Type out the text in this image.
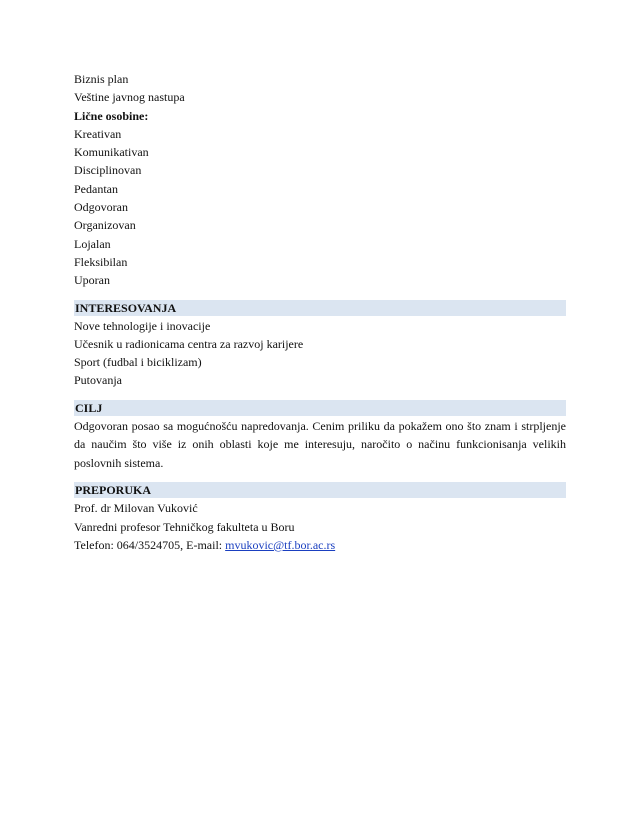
Biznis plan
Veštine javnog nastupa
Lične osobine:
Kreativan
Komunikativan
Disciplinovan
Pedantan
Odgovoran
Organizovan
Lojalan
Fleksibilan
Uporan
INTERESOVANJA
Nove tehnologije i inovacije
Učesnik u radionicama centra za razvoj karijere
Sport (fudbal i biciklizam)
Putovanja
CILJ
Odgovoran posao sa mogućnošću napredovanja. Cenim priliku da pokažem ono što znam i strpljenje da naučim što više iz onih oblasti koje me interesuju, naročito o načinu funkcionisanja velikih poslovnih sistema.
PREPORUKA
Prof. dr Milovan Vuković
Vanredni profesor Tehničkog fakulteta u Boru
Telefon: 064/3524705, E-mail: mvukovic@tf.bor.ac.rs
